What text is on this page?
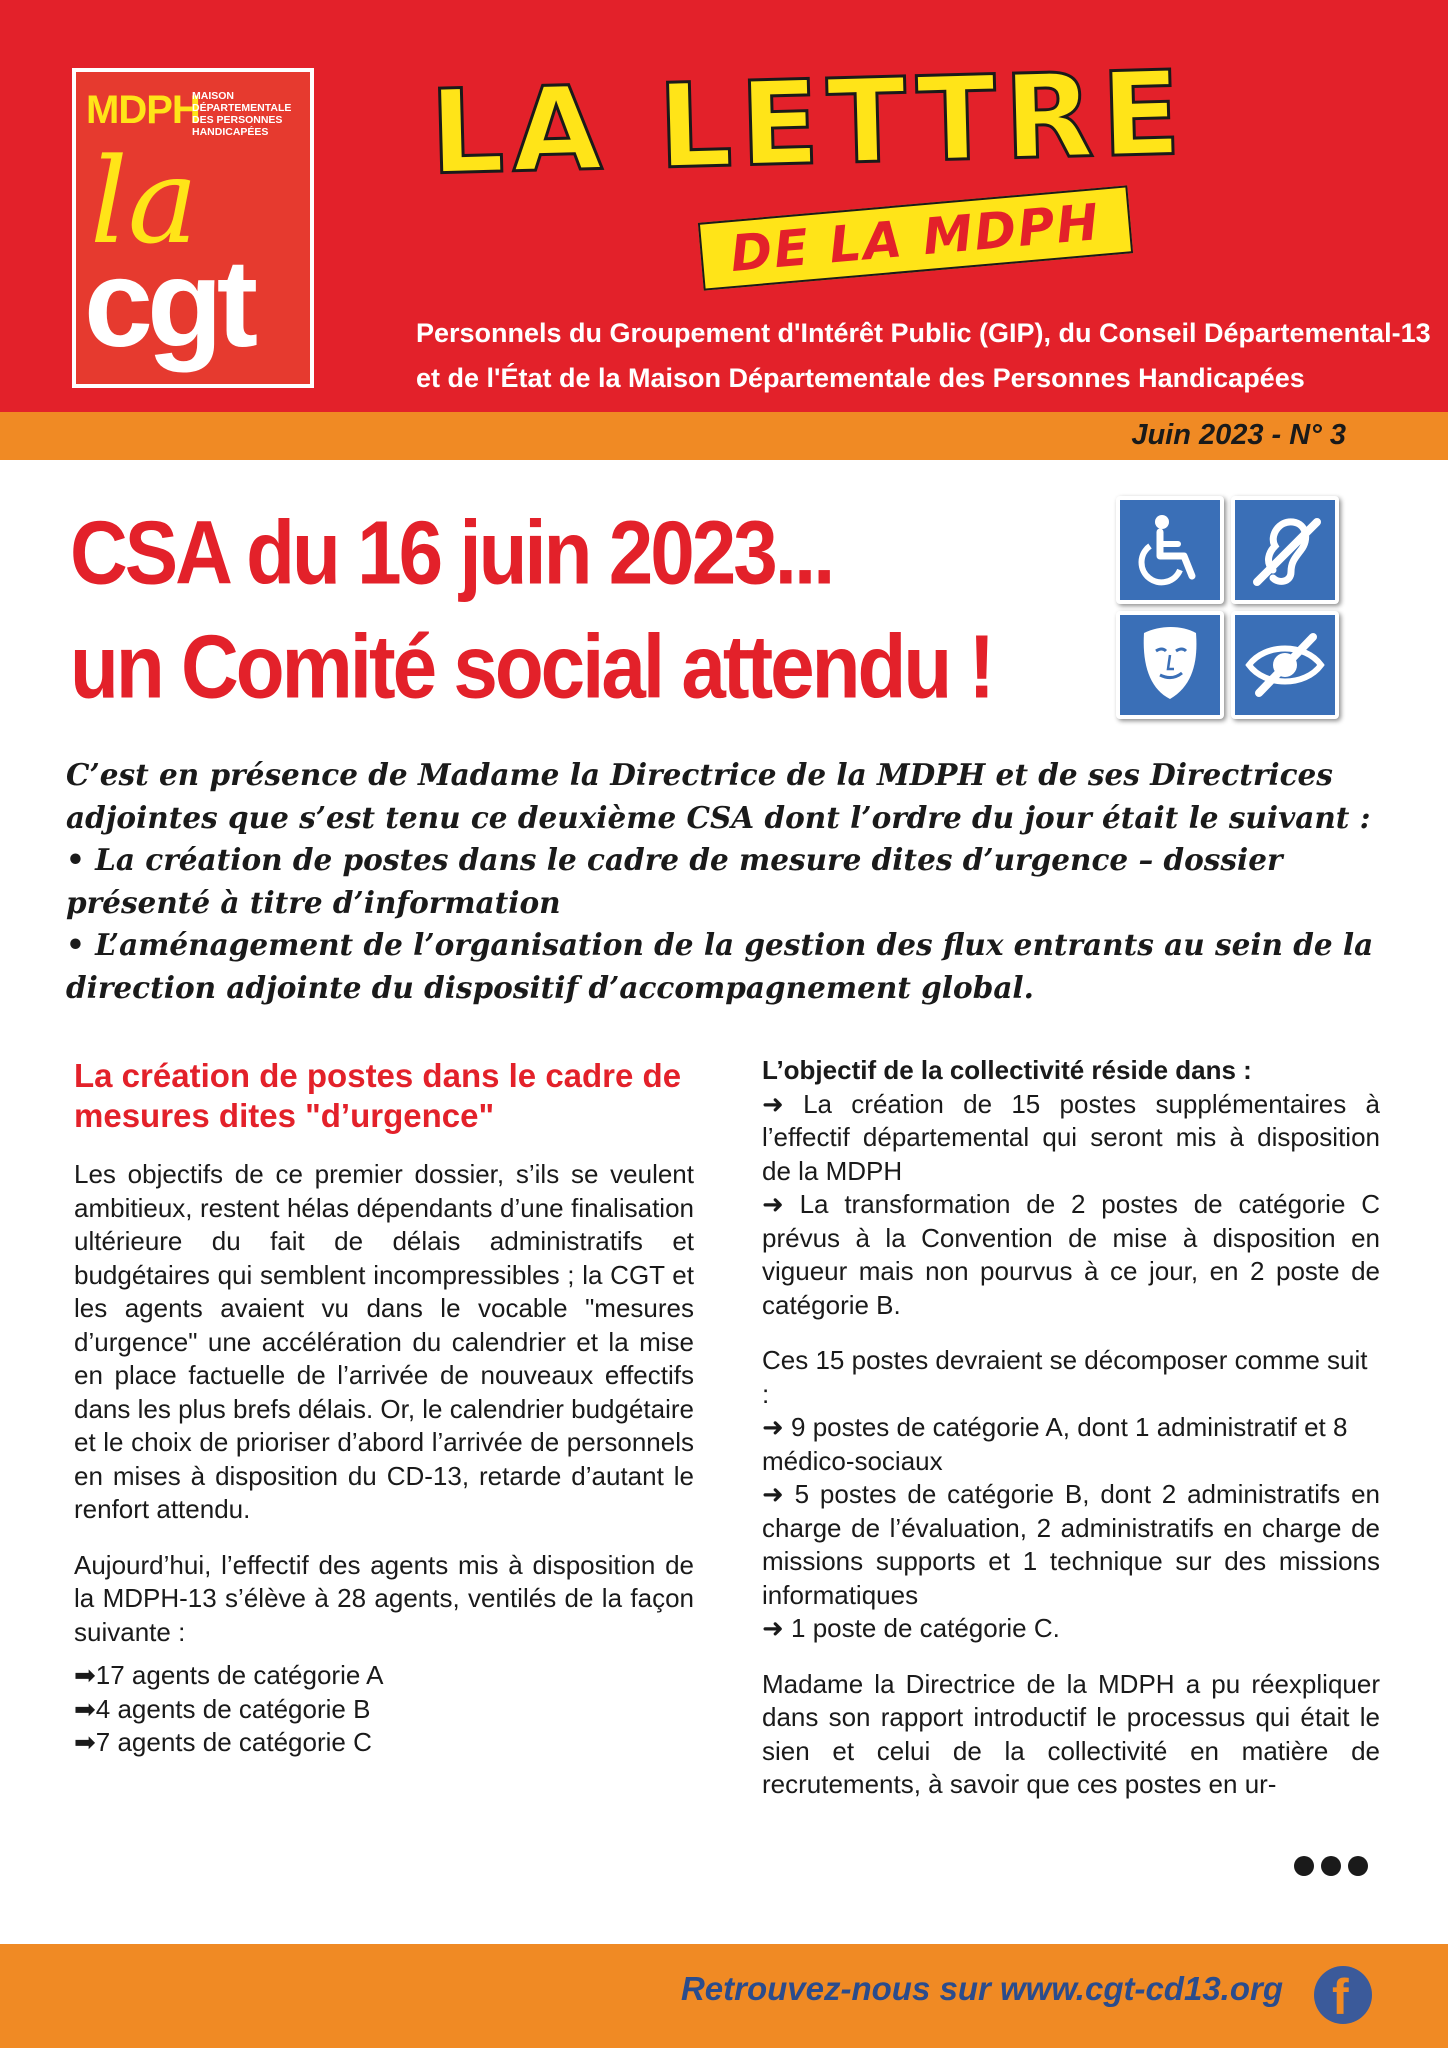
MDPH
MAISON
DÉPARTEMENTALE
DES PERSONNES
HANDICAPÉES
la
cgt
LA LETTRE
DE LA MDPH
Personnels du Groupement d'Intérêt Public (GIP), du Conseil Départemental-13
et de l'État de la Maison Départementale des Personnes Handicapées
Juin 2023 - N° 3
CSA du 16 juin 2023...
un Comité social attendu !

C’est en présence de Madame la Directrice de la MDPH et de ses Directrices adjointes que s’est tenu ce deuxième CSA dont l’ordre du jour était le suivant :

• La création de postes dans le cadre de mesure dites d’urgence – dossier présenté à titre d’information

• L’aménagement de l’organisation de la gestion des flux entrants au sein de la direction adjointe du dispositif d’accompagnement global.

La création de postes dans le cadre de mesures dites "d’urgence"

Les objectifs de ce premier dossier, s’ils se veulent ambitieux, restent hélas dépendants d’une finalisation ultérieure du fait de délais administratifs et budgétaires qui semblent incompressibles ; la CGT et les agents avaient vu dans le vocable "mesures d’urgence" une accélération du calendrier et la mise en place factuelle de l’arrivée de nouveaux effectifs dans les plus brefs délais. Or, le calendrier budgétaire et le choix de prioriser d’abord l’arrivée de personnels en mises à disposition du CD-13, retarde d’autant le renfort attendu.

Aujourd’hui, l’effectif des agents mis à disposition de la MDPH-13 s’élève à 28 agents, ventilés de la façon suivante :

➡17 agents de catégorie A

➡4 agents de catégorie B

➡7 agents de catégorie C

L’objectif de la collectivité réside dans :

➜ La création de 15 postes supplémentaires à l’effectif départemental qui seront mis à disposition de la MDPH

➜ La transformation de 2 postes de catégorie C prévus à la Convention de mise à disposition en vigueur mais non pourvus à ce jour, en 2 poste de catégorie B.

Ces 15 postes devraient se décomposer comme suit :

➜ 9 postes de catégorie A, dont 1 administratif et 8 médico-sociaux

➜ 5 postes de catégorie B, dont 2 administratifs en charge de l’évaluation, 2 administratifs en charge de missions supports et 1 technique sur des missions informatiques

➜ 1 poste de catégorie C.

Madame la Directrice de la MDPH a pu réexpliquer dans son rapport introductif le processus qui était le sien et celui de la collectivité en matière de recrutements, à savoir que ces postes en ur-

Retrouvez-nous sur www.cgt-cd13.org f
